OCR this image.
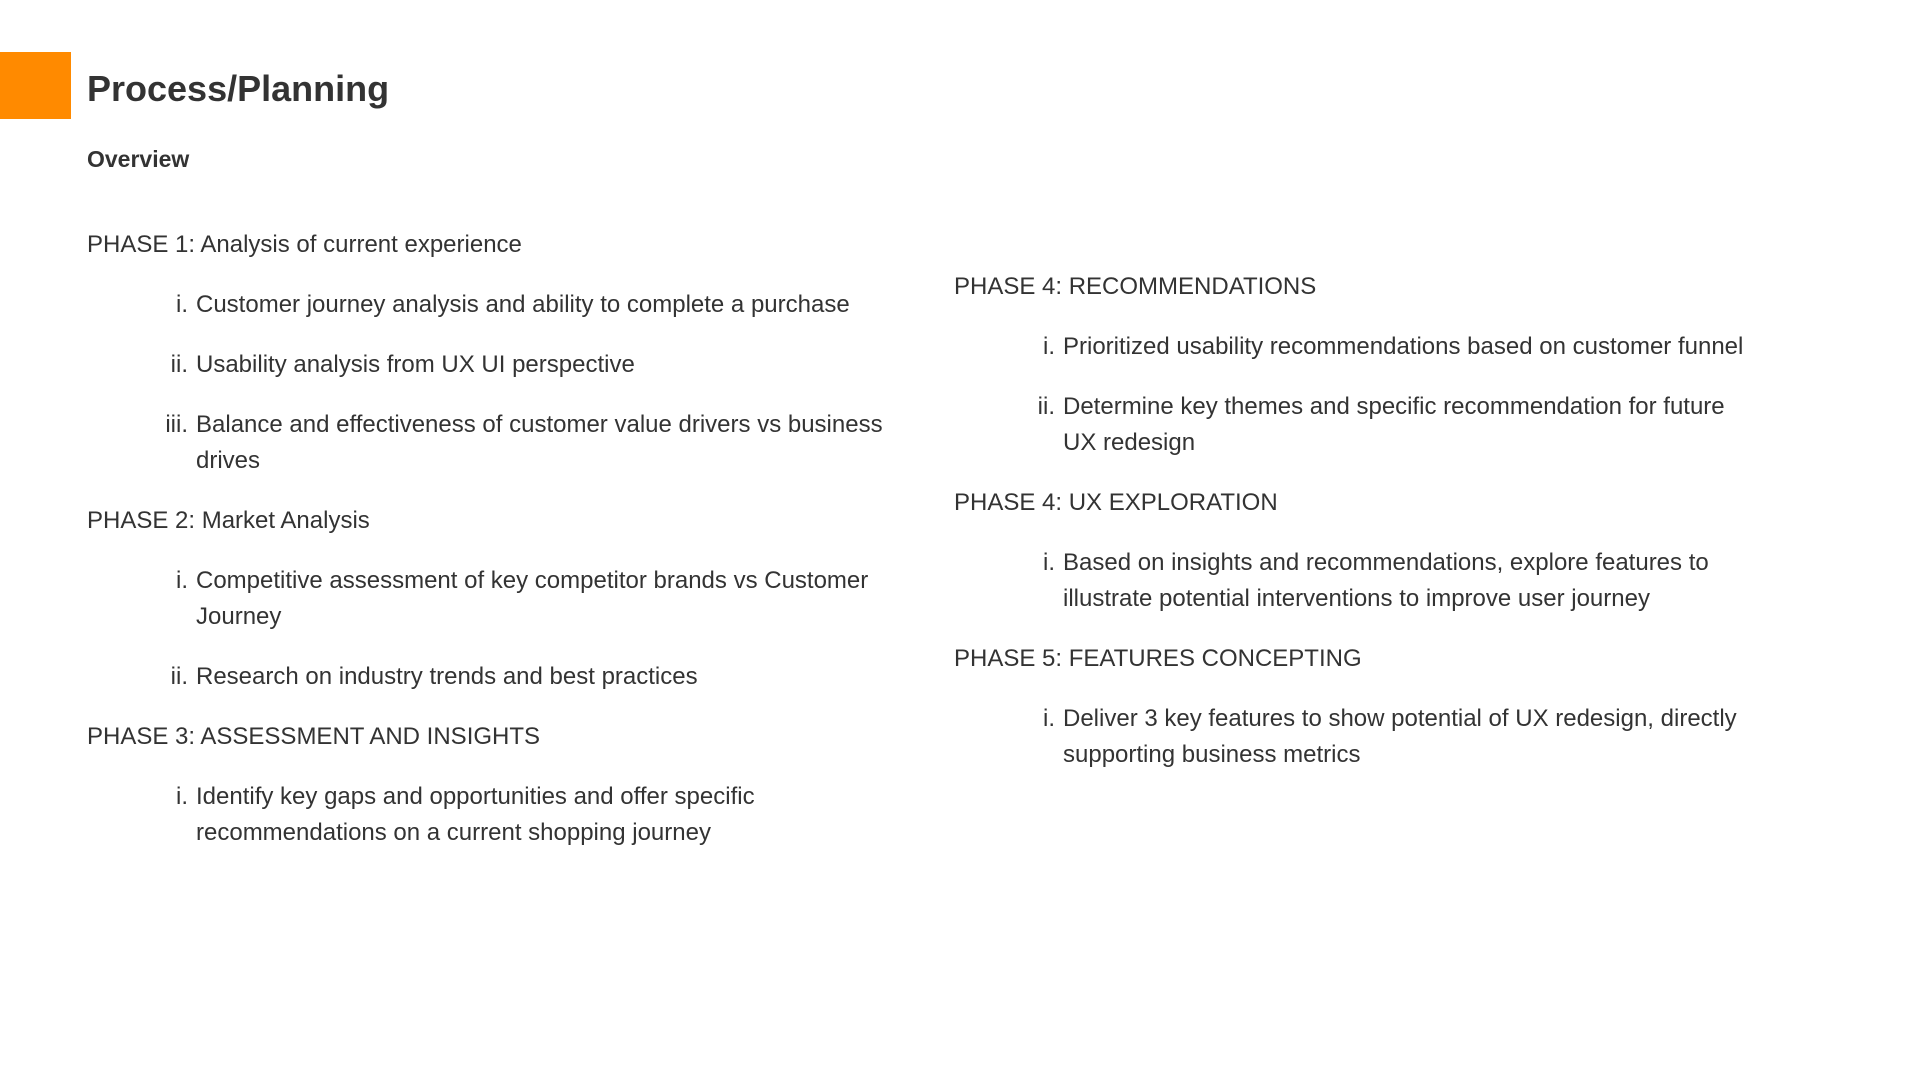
Process/Planning
Overview

PHASE 1: Analysis of current experience

i. Customer journey analysis and ability to complete a purchase
ii. Usability analysis from UX UI perspective
iii. Balance and effectiveness of customer value drivers vs business drives

PHASE 2: Market Analysis

i. Competitive assessment of key competitor brands vs Customer Journey
ii. Research on industry trends and best practices

PHASE 3: ASSESSMENT AND INSIGHTS

i. Identify key gaps and opportunities and offer specific recommendations on a current shopping journey

PHASE 4: RECOMMENDATIONS

i. Prioritized usability recommendations based on customer funnel
ii. Determine key themes and specific recommendation for future UX redesign

PHASE 4: UX EXPLORATION

i. Based on insights and recommendations, explore features to illustrate potential interventions to improve user journey

PHASE 5: FEATURES CONCEPTING

i. Deliver 3 key features to show potential of UX redesign, directly supporting business metrics
